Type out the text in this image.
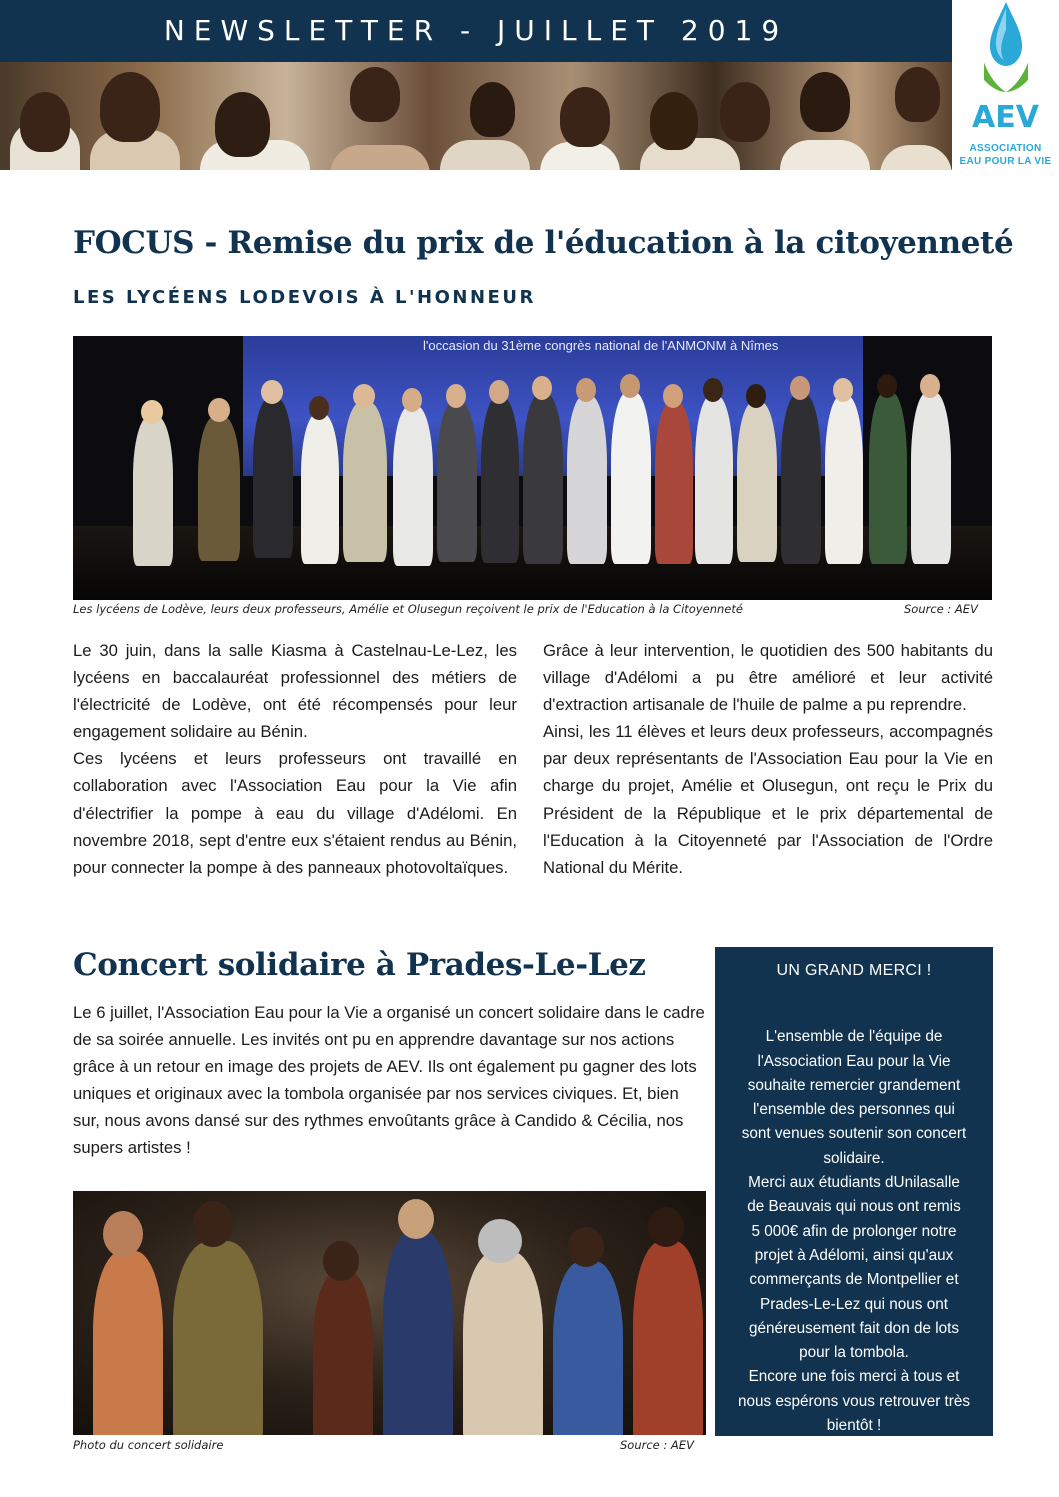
NEWSLETTER - JUILLET 2019
AEV
ASSOCIATION
EAU POUR LA VIE
FOCUS - Remise du prix de l'éducation à la citoyenneté
LES LYCÉENS LODEVOIS À L'HONNEUR
l'occasion du 31ème congrès national de l'ANMONM à Nîmes
Les lycéens de Lodève, leurs deux professeurs, Amélie et Olusegun reçoivent le prix de l'Education à la Citoyenneté	Source : AEV

Le 30 juin, dans la salle Kiasma à Castelnau-Le-Lez, les lycéens en baccalauréat professionnel des métiers de l'électricité de Lodève, ont été récompensés pour leur engagement solidaire au Bénin.

Ces lycéens et leurs professeurs ont travaillé en collaboration avec l'Association Eau pour la Vie afin d'électrifier la pompe à eau du village d'Adélomi. En novembre 2018, sept d'entre eux s'étaient rendus au Bénin, pour connecter la pompe à des panneaux photovoltaïques.

Grâce à leur intervention, le quotidien des 500 habitants du village d'Adélomi a pu être amélioré et leur activité d'extraction artisanale de l'huile de palme a pu reprendre.

Ainsi, les 11 élèves et leurs deux professeurs, accompagnés par deux représentants de l'Association Eau pour la Vie en charge du projet, Amélie et Olusegun, ont reçu le Prix du Président de la République et le prix départemental de l'Education à la Citoyenneté par l'Association de l'Ordre National du Mérite.

Concert solidaire à Prades-Le-Lez
Le 6 juillet, l'Association Eau pour la Vie a organisé un concert solidaire dans le cadre de sa soirée annuelle. Les invités ont pu en apprendre davantage sur nos actions grâce à un retour en image des projets de AEV. Ils ont également pu gagner des lots uniques et originaux avec la tombola organisée par nos services civiques. Et, bien sur, nous avons dansé sur des rythmes envoûtants grâce à Candido & Cécilia, nos supers artistes !
Photo du concert solidaire	Source : AEV
UN GRAND MERCI !
L'ensemble de l'équipe de
l'Association Eau pour la Vie
souhaite remercier grandement
l'ensemble des personnes qui
sont venues soutenir son concert
solidaire.
Merci aux étudiants dUnilasalle
de Beauvais qui nous ont remis
5 000€ afin de prolonger notre
projet à Adélomi, ainsi qu'aux
commerçants de Montpellier et
Prades-Le-Lez qui nous ont
généreusement fait don de lots
pour la tombola.
Encore une fois merci à tous et
nous espérons vous retrouver très
bientôt !
